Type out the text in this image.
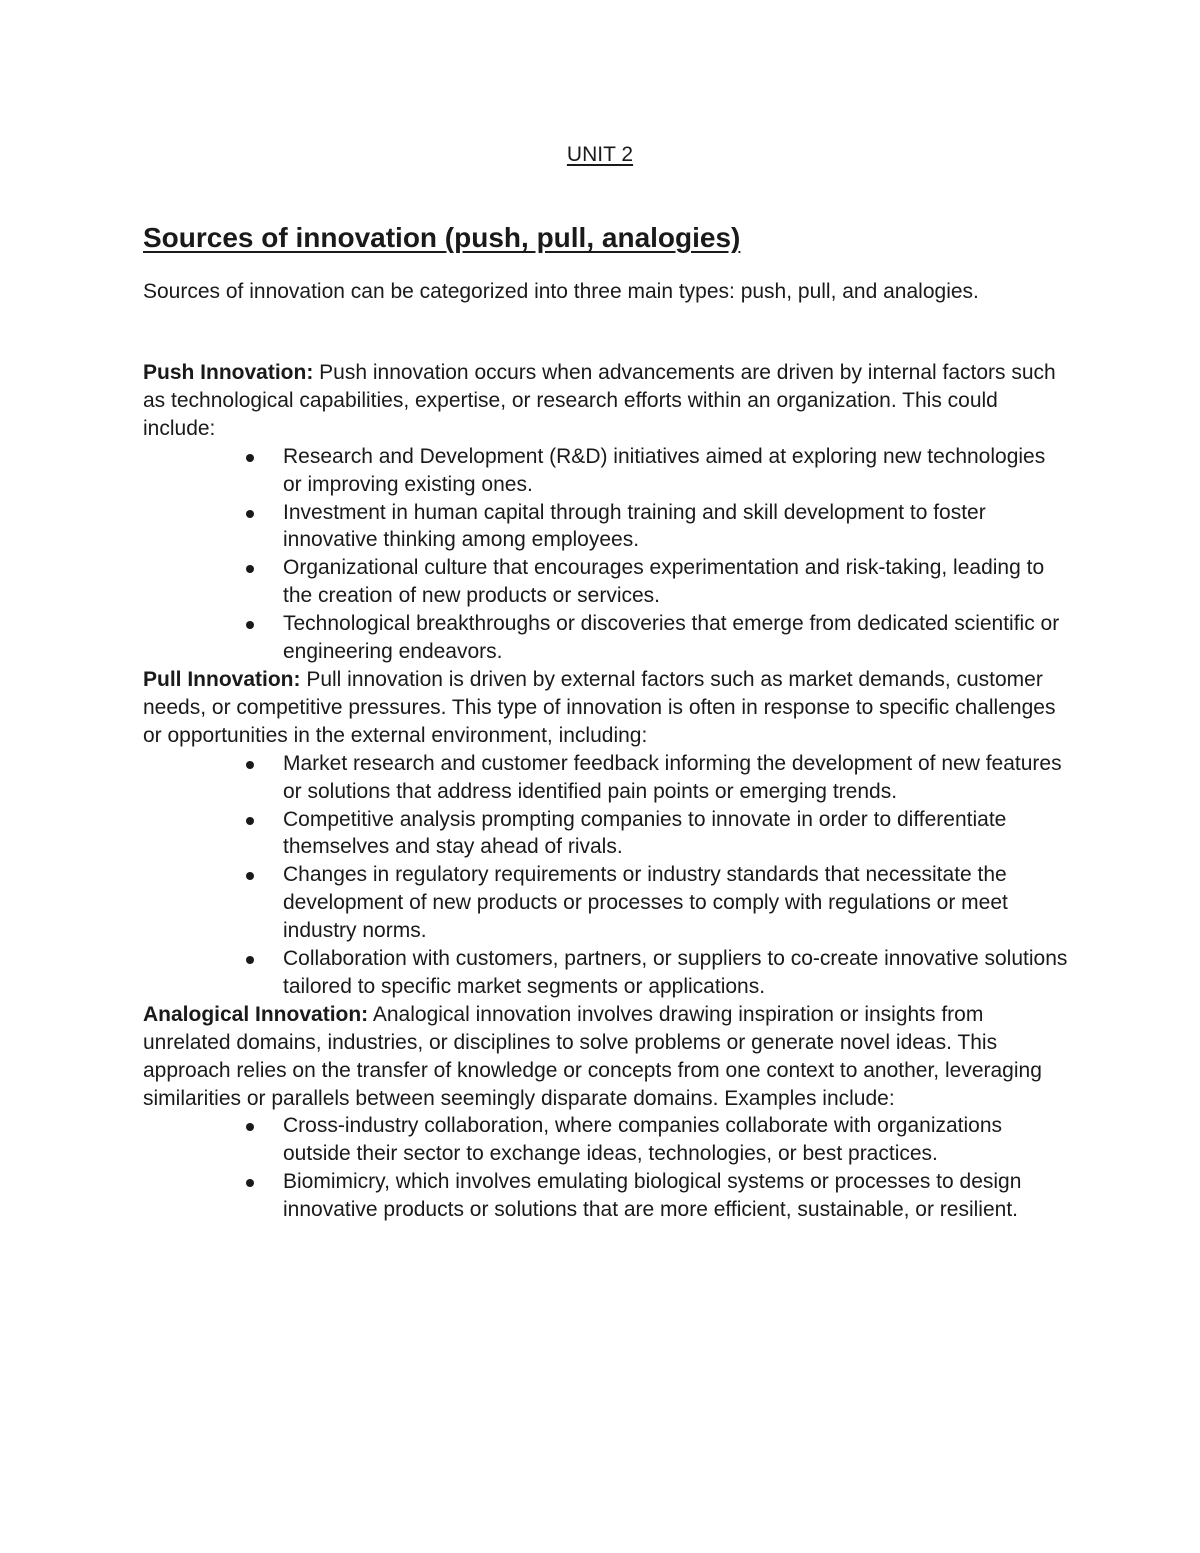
UNIT 2
Sources of innovation (push, pull, analogies)

Sources of innovation can be categorized into three main types: push, pull, and analogies.

Push Innovation: Push innovation occurs when advancements are driven by internal factors such as technological capabilities, expertise, or research efforts within an organization. This could include:

Research and Development (R&D) initiatives aimed at exploring new technologies or improving existing ones.
Investment in human capital through training and skill development to foster innovative thinking among employees.
Organizational culture that encourages experimentation and risk-taking, leading to the creation of new products or services.
Technological breakthroughs or discoveries that emerge from dedicated scientific or engineering endeavors.

Pull Innovation: Pull innovation is driven by external factors such as market demands, customer needs, or competitive pressures. This type of innovation is often in response to specific challenges or opportunities in the external environment, including:

Market research and customer feedback informing the development of new features or solutions that address identified pain points or emerging trends.
Competitive analysis prompting companies to innovate in order to differentiate themselves and stay ahead of rivals.
Changes in regulatory requirements or industry standards that necessitate the development of new products or processes to comply with regulations or meet industry norms.
Collaboration with customers, partners, or suppliers to co-create innovative solutions tailored to specific market segments or applications.

Analogical Innovation: Analogical innovation involves drawing inspiration or insights from unrelated domains, industries, or disciplines to solve problems or generate novel ideas. This approach relies on the transfer of knowledge or concepts from one context to another, leveraging similarities or parallels between seemingly disparate domains. Examples include:

Cross-industry collaboration, where companies collaborate with organizations outside their sector to exchange ideas, technologies, or best practices.
Biomimicry, which involves emulating biological systems or processes to design innovative products or solutions that are more efficient, sustainable, or resilient.
